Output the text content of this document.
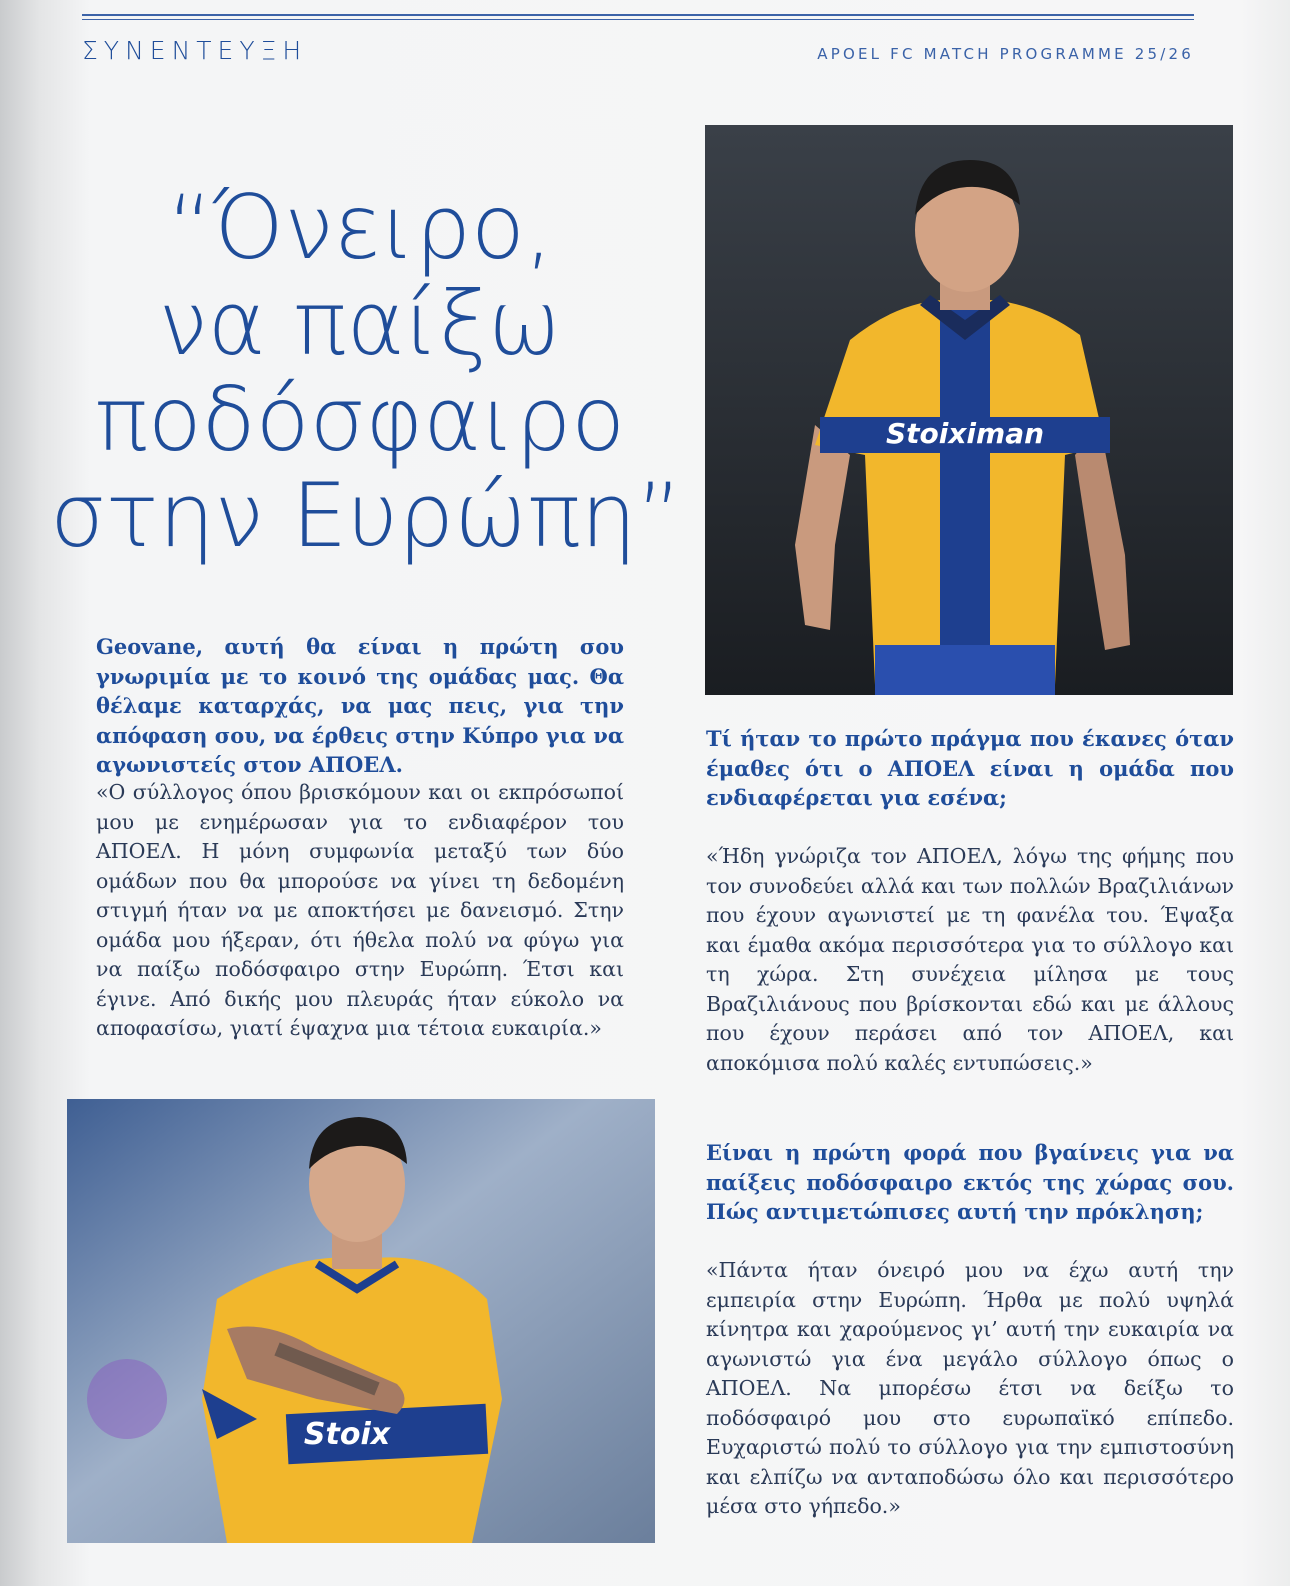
ΣΥΝΕΝΤΕΥΞΗ	APOEL FC MATCH PROGRAMME 25/26
“Όνειρο,
να παίξω
ποδόσφαιρο
στην Ευρώπη”
Stoiximan
Geovane, αυτή θα είναι η πρώτη σου γνωριμία με το κοινό της ομάδας μας. Θα θέλαμε καταρχάς, να μας πεις, για την απόφαση σου, να έρθεις στην Κύπρο για να αγωνιστείς στον ΑΠΟΕΛ.
«Ο σύλλογος όπου βρισκόμουν και οι εκπρόσωποί μου με ενημέρωσαν για το ενδιαφέρον του ΑΠΟΕΛ. Η μόνη συμφωνία μεταξύ των δύο ομάδων που θα μπορούσε να γίνει τη δεδομένη στιγμή ήταν να με αποκτήσει με δανεισμό. Στην ομάδα μου ήξεραν, ότι ήθελα πολύ να φύγω για να παίξω ποδόσφαιρο στην Ευρώπη. Έτσι και έγινε. Από δικής μου πλευράς ήταν εύκολο να αποφασίσω, γιατί έψαχνα μια τέτοια ευκαιρία.»
Τί ήταν το πρώτο πράγμα που έκανες όταν έμαθες ότι ο ΑΠΟΕΛ είναι η ομάδα που ενδιαφέρεται για εσένα;
«Ήδη γνώριζα τον ΑΠΟΕΛ, λόγω της φήμης που τον συνοδεύει αλλά και των πολλών Βραζιλιάνων που έχουν αγωνιστεί με τη φανέλα του. Έψαξα και έμαθα ακόμα περισσότερα για το σύλλογο και τη χώρα. Στη συνέχεια μίλησα με τους Βραζιλιάνους που βρίσκονται εδώ και με άλλους που έχουν περάσει από τον ΑΠΟΕΛ, και αποκόμισα πολύ καλές εντυπώσεις.»
Stoix
Είναι η πρώτη φορά που βγαίνεις για να παίξεις ποδόσφαιρο εκτός της χώρας σου. Πώς αντιμετώπισες αυτή την πρόκληση;
«Πάντα ήταν όνειρό μου να έχω αυτή την εμπειρία στην Ευρώπη. Ήρθα με πολύ υψηλά κίνητρα και χαρούμενος γι’ αυτή την ευκαιρία να αγωνιστώ για ένα μεγάλο σύλλογο όπως ο ΑΠΟΕΛ. Να μπορέσω έτσι να δείξω το ποδόσφαιρό μου στο ευρωπαϊκό επίπεδο. Ευχαριστώ πολύ το σύλλογο για την εμπιστοσύνη και ελπίζω να ανταποδώσω όλο και περισσότερο μέσα στο γήπεδο.»
